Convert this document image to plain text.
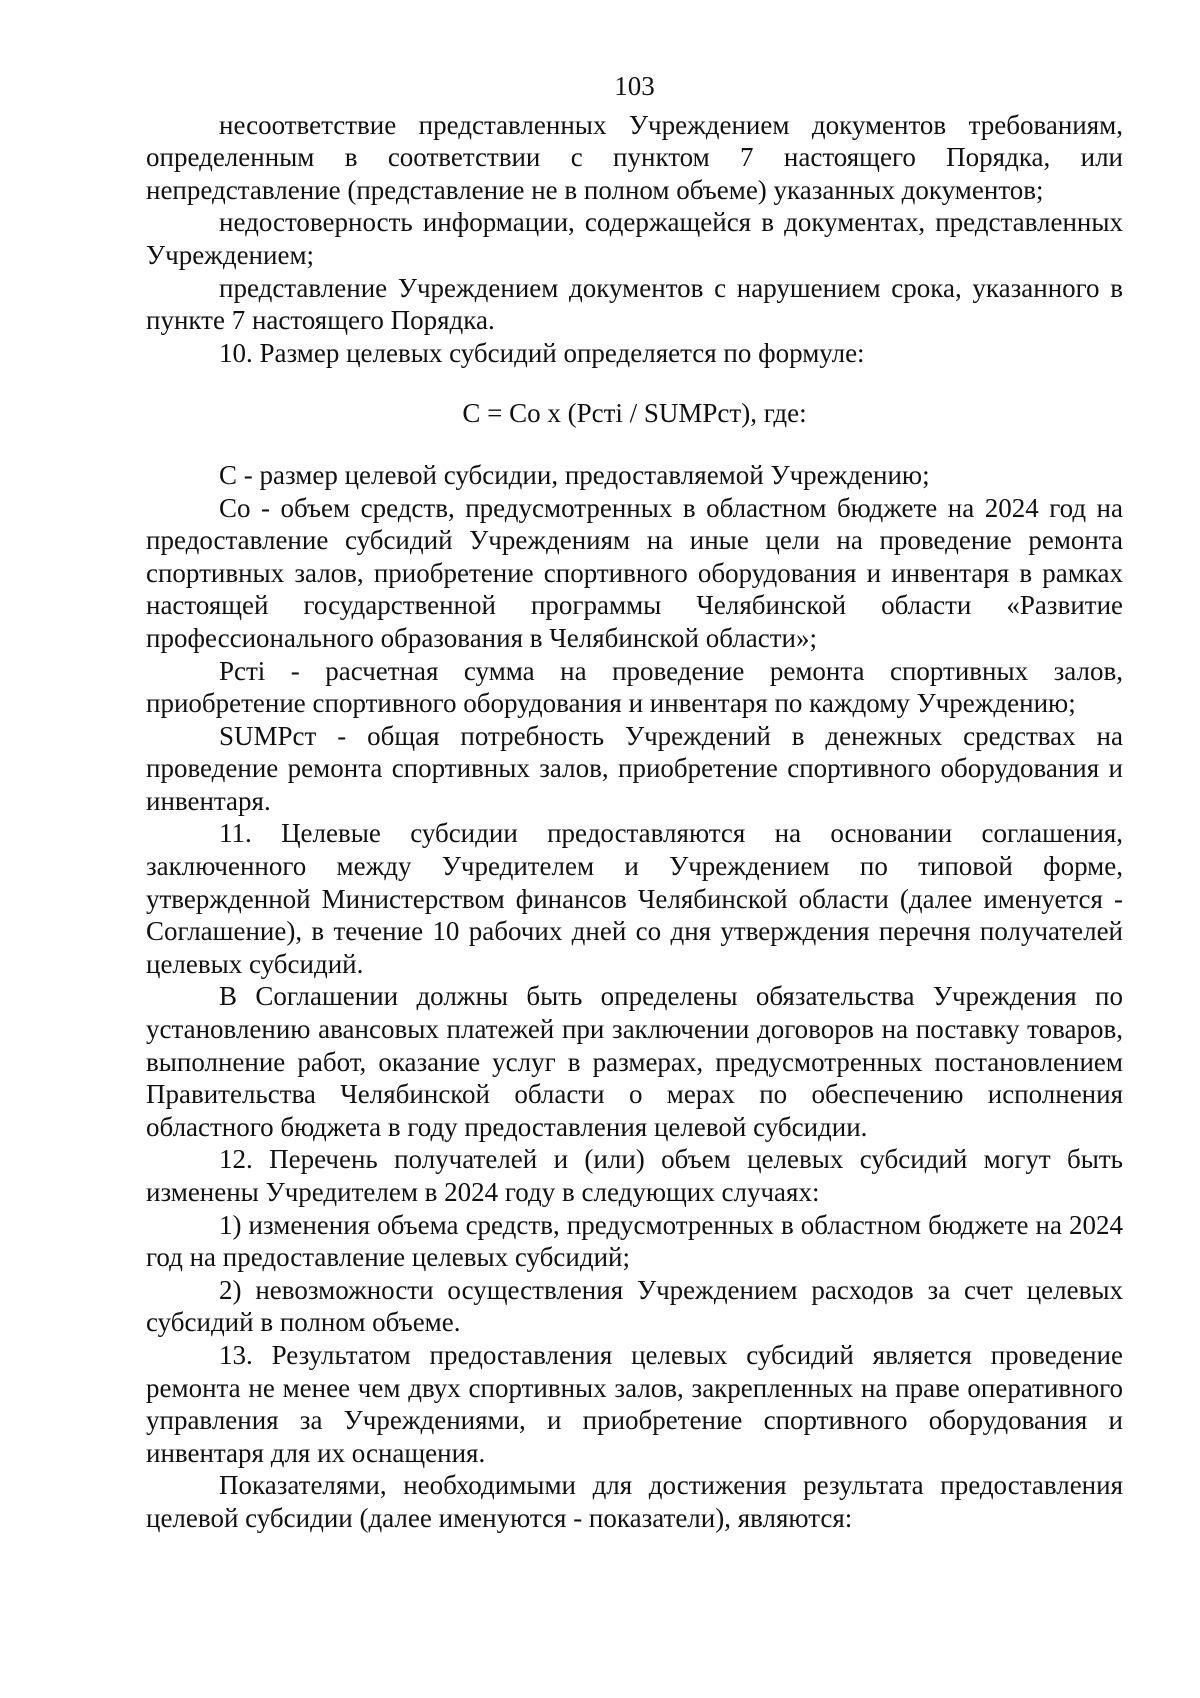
103

несоответствие представленных Учреждением документов требованиям, определенным в соответствии с пунктом 7 настоящего Порядка, или непредставление (представление не в полном объеме) указанных документов;

недостоверность информации, содержащейся в документах, представленных Учреждением;

представление Учреждением документов с нарушением срока, указанного в пункте 7 настоящего Порядка.

10. Размер целевых субсидий определяется по формуле:

С = Со х (Рсті / SUMРст), где:

С - размер целевой субсидии, предоставляемой Учреждению;

Со - объем средств, предусмотренных в областном бюджете на 2024 год на предоставление субсидий Учреждениям на иные цели на проведение ремонта спортивных залов, приобретение спортивного оборудования и инвентаря в рамках настоящей государственной программы Челябинской области «Развитие профессионального образования в Челябинской области»;

Рсті - расчетная сумма на проведение ремонта спортивных залов, приобретение спортивного оборудования и инвентаря по каждому Учреждению;

SUMРст - общая потребность Учреждений в денежных средствах на проведение ремонта спортивных залов, приобретение спортивного оборудования и инвентаря.

11. Целевые субсидии предоставляются на основании соглашения, заключенного между Учредителем и Учреждением по типовой форме, утвержденной Министерством финансов Челябинской области (далее именуется - Соглашение), в течение 10 рабочих дней со дня утверждения перечня получателей целевых субсидий.

В Соглашении должны быть определены обязательства Учреждения по установлению авансовых платежей при заключении договоров на поставку товаров, выполнение работ, оказание услуг в размерах, предусмотренных постановлением Правительства Челябинской области о мерах по обеспечению исполнения областного бюджета в году предоставления целевой субсидии.

12. Перечень получателей и (или) объем целевых субсидий могут быть изменены Учредителем в 2024 году в следующих случаях:

1) изменения объема средств, предусмотренных в областном бюджете на 2024 год на предоставление целевых субсидий;

2) невозможности осуществления Учреждением расходов за счет целевых субсидий в полном объеме.

13. Результатом предоставления целевых субсидий является проведение ремонта не менее чем двух спортивных залов, закрепленных на праве оперативного управления за Учреждениями, и приобретение спортивного оборудования и инвентаря для их оснащения.

Показателями, необходимыми для достижения результата предоставления целевой субсидии (далее именуются - показатели), являются:
